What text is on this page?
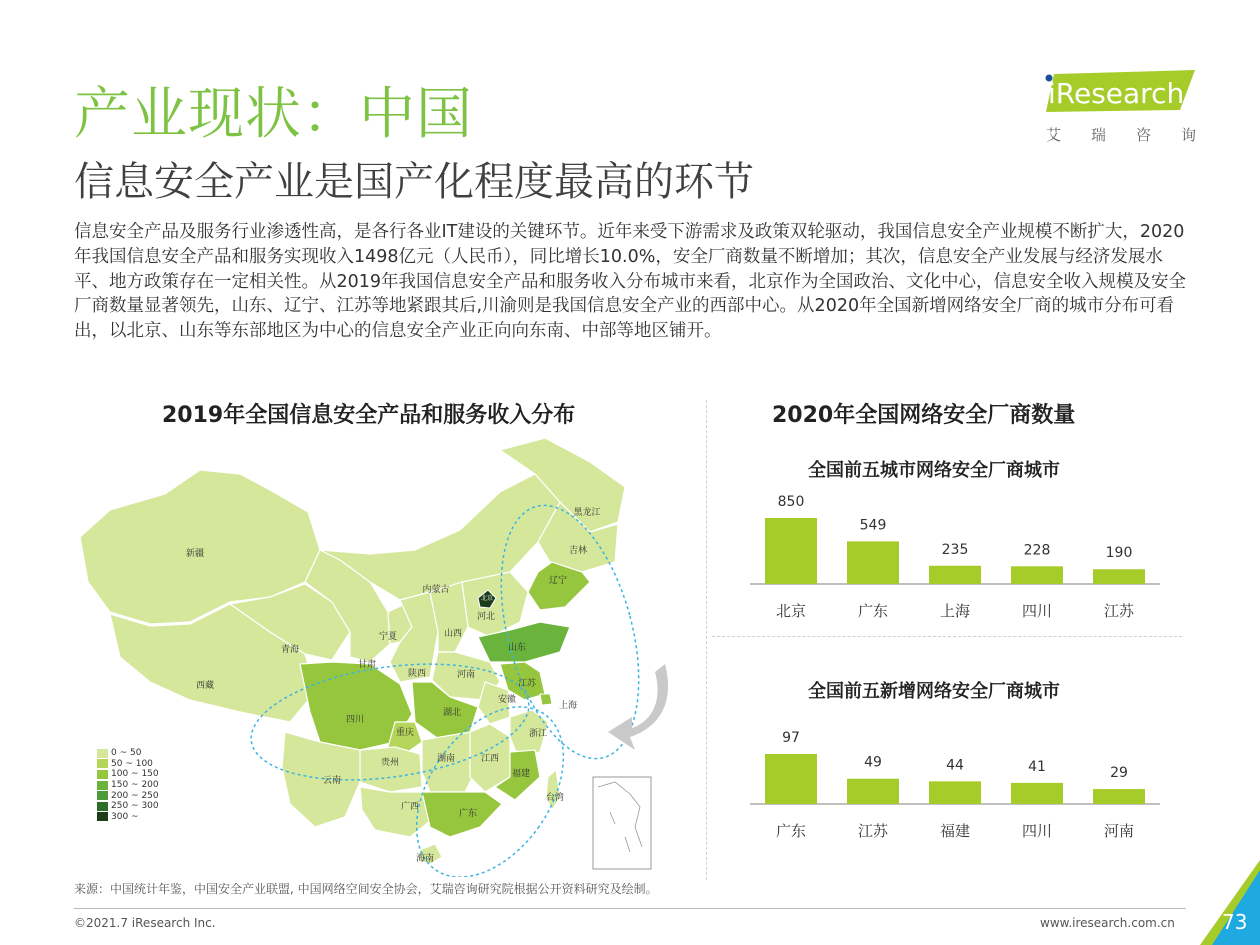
产业现状：中国
信息安全产业是国产化程度最高的环节
iResearch
艾 瑞 咨 询
信息安全产品及服务行业渗透性高，是各行各业IT建设的关键环节。近年来受下游需求及政策双轮驱动，我国信息安全产业规模不断扩大，2020年我国信息安全产品和服务实现收入1498亿元（人民币），同比增长10.0%，安全厂商数量不断增加；其次，信息安全产业发展与经济发展水平、地方政策存在一定相关性。从2019年我国信息安全产品和服务收入分布城市来看，北京作为全国政治、文化中心，信息安全收入规模及安全厂商数量显著领先，山东、辽宁、江苏等地紧跟其后,川渝则是我国信息安全产业的西部中心。从2020年全国新增网络安全厂商的城市分布可看出，以北京、山东等东部地区为中心的信息安全产业正向向东南、中部等地区铺开。
2019年全国信息安全产品和服务收入分布	2020年全国网络安全厂商数量
黑龙江
吉林
新疆
内蒙古
辽宁
河北
北京
山西
山东
青海
宁夏
甘肃
陕西	河南
西藏	江苏
安徽
上海
四川
湖北
重庆	浙江
贵州	湖南	江西
云南
福建
台湾
广西
广东
海南
0 ~ 50
50 ~ 100
100 ~ 150
150 ~ 200
200 ~ 250
250 ~ 300
300 ~
全国前五城市网络安全厂商城市
850
北京
549
广东
235
上海
228
四川
190
江苏
全国前五新增网络安全厂商城市
97
广东
49
江苏
44
福建
41
四川
29
河南
来源：中国统计年鉴，中国安全产业联盟, 中国网络空间安全协会，艾瑞咨询研究院根据公开资料研究及绘制。
©2021.7 iResearch Inc.	www.iresearch.com.cn 73
